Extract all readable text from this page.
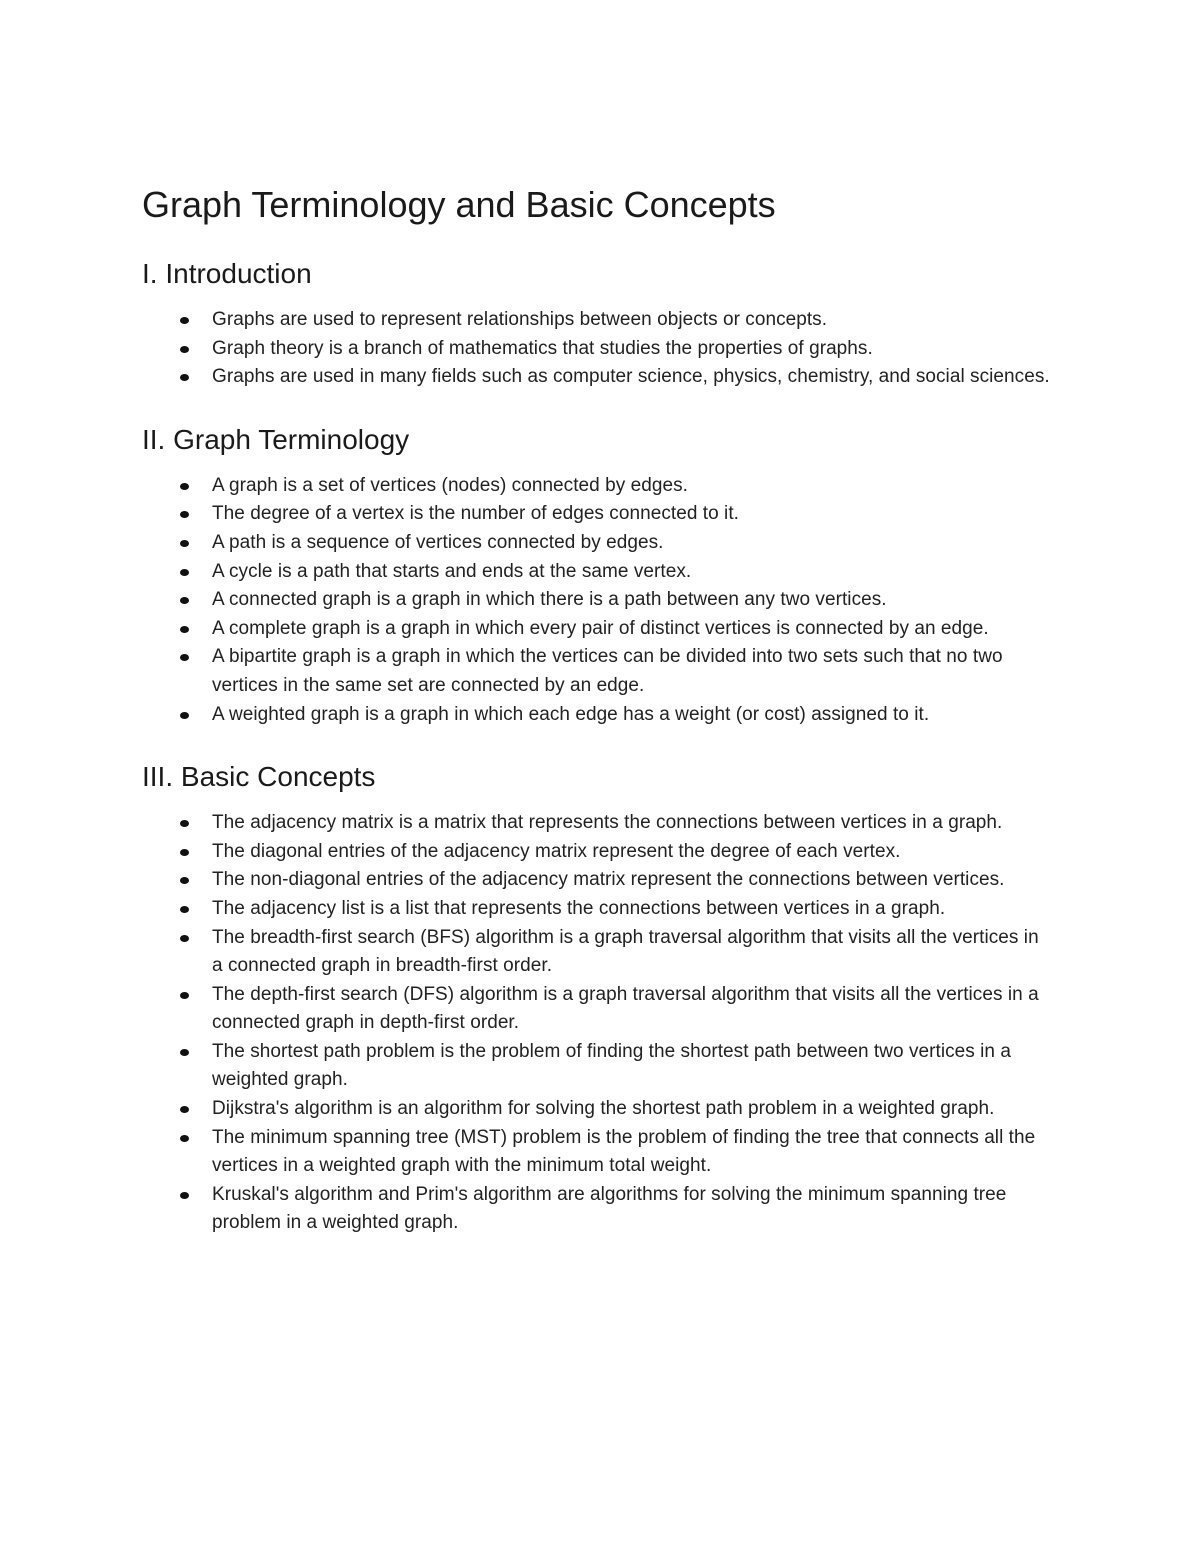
Graph Terminology and Basic Concepts
I. Introduction
Graphs are used to represent relationships between objects or concepts.
Graph theory is a branch of mathematics that studies the properties of graphs.
Graphs are used in many fields such as computer science, physics, chemistry, and social sciences.
II. Graph Terminology
A graph is a set of vertices (nodes) connected by edges.
The degree of a vertex is the number of edges connected to it.
A path is a sequence of vertices connected by edges.
A cycle is a path that starts and ends at the same vertex.
A connected graph is a graph in which there is a path between any two vertices.
A complete graph is a graph in which every pair of distinct vertices is connected by an edge.
A bipartite graph is a graph in which the vertices can be divided into two sets such that no two vertices in the same set are connected by an edge.
A weighted graph is a graph in which each edge has a weight (or cost) assigned to it.
III. Basic Concepts
The adjacency matrix is a matrix that represents the connections between vertices in a graph.
The diagonal entries of the adjacency matrix represent the degree of each vertex.
The non-diagonal entries of the adjacency matrix represent the connections between vertices.
The adjacency list is a list that represents the connections between vertices in a graph.
The breadth-first search (BFS) algorithm is a graph traversal algorithm that visits all the vertices in a connected graph in breadth-first order.
The depth-first search (DFS) algorithm is a graph traversal algorithm that visits all the vertices in a connected graph in depth-first order.
The shortest path problem is the problem of finding the shortest path between two vertices in a weighted graph.
Dijkstra's algorithm is an algorithm for solving the shortest path problem in a weighted graph.
The minimum spanning tree (MST) problem is the problem of finding the tree that connects all the vertices in a weighted graph with the minimum total weight.
Kruskal's algorithm and Prim's algorithm are algorithms for solving the minimum spanning tree problem in a weighted graph.
